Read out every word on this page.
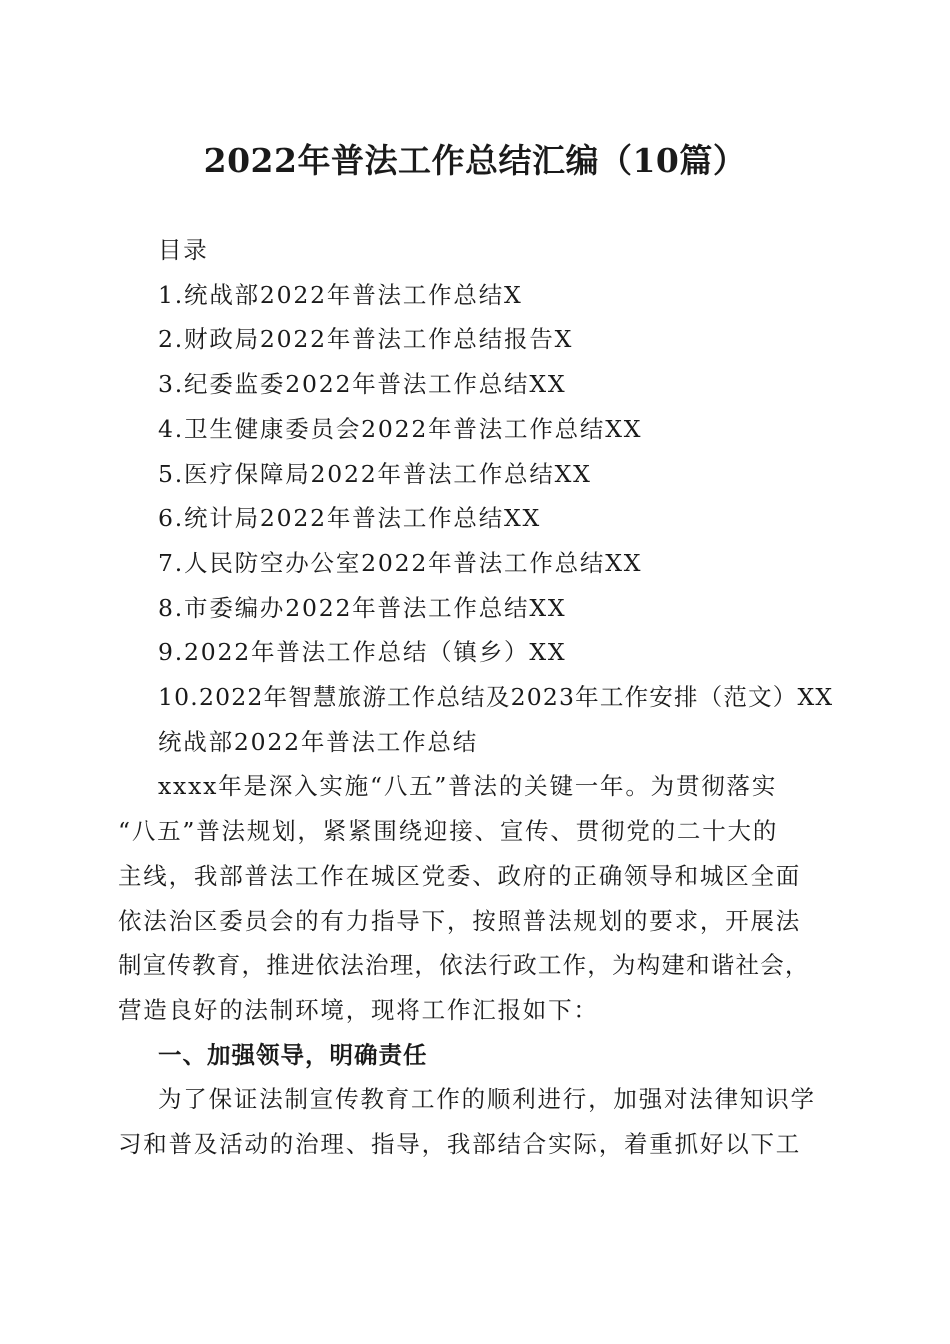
2022年普法工作总结汇编（10篇）

目录

1.统战部2022年普法工作总结X

2.财政局2022年普法工作总结报告X

3.纪委监委2022年普法工作总结XX

4.卫生健康委员会2022年普法工作总结XX

5.医疗保障局2022年普法工作总结XX

6.统计局2022年普法工作总结XX

7.人民防空办公室2022年普法工作总结XX

8.市委编办2022年普法工作总结XX

9.2022年普法工作总结（镇乡）XX

10.2022年智慧旅游工作总结及2023年工作安排（范文）XX

统战部2022年普法工作总结

xxxx年是深入实施“八五”普法的关键一年。为贯彻落实

“八五”普法规划，紧紧围绕迎接、宣传、贯彻党的二十大的

主线，我部普法工作在城区党委、政府的正确领导和城区全面

依法治区委员会的有力指导下，按照普法规划的要求，开展法

制宣传教育，推进依法治理，依法行政工作，为构建和谐社会，

营造良好的法制环境，现将工作汇报如下：

一、加强领导，明确责任

为了保证法制宣传教育工作的顺利进行，加强对法律知识学

习和普及活动的治理、指导，我部结合实际，着重抓好以下工
